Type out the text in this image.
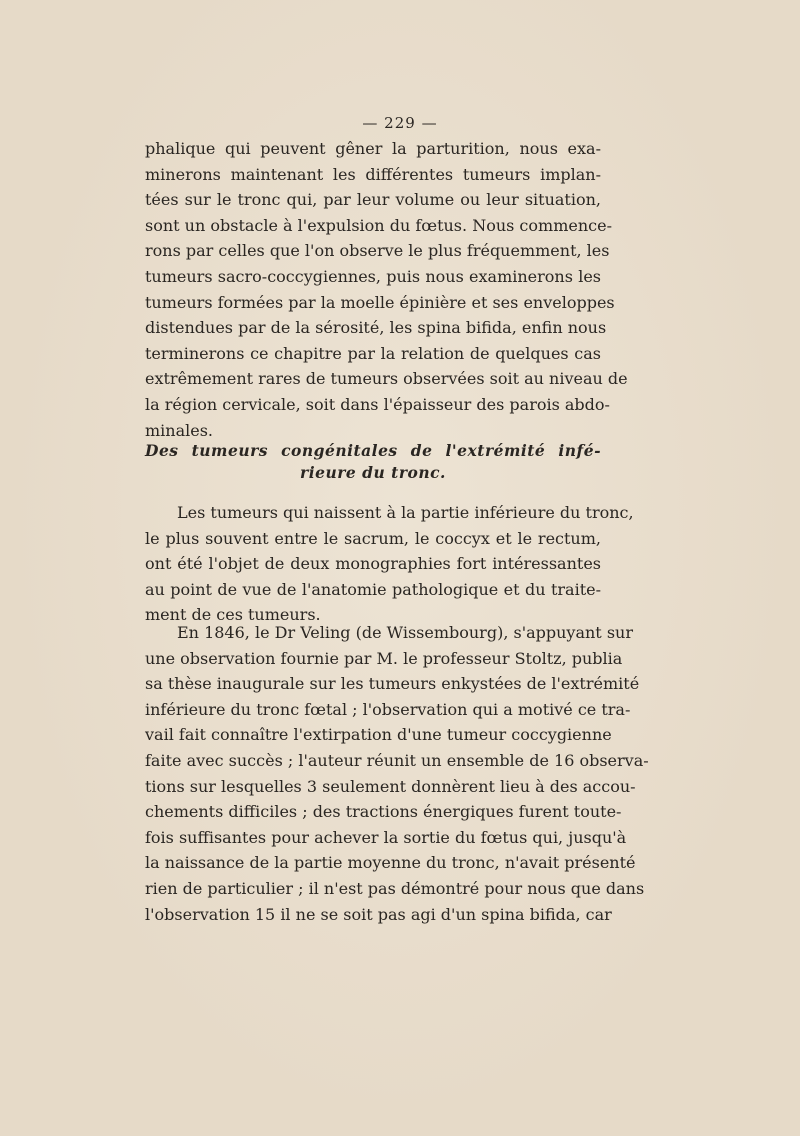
— 229 —
phalique qui peuvent gêner la parturition, nous exa-
minerons maintenant les différentes tumeurs implan-
tées sur le tronc qui, par leur volume ou leur situation,
sont un obstacle à l'expulsion du fœtus. Nous commence-
rons par celles que l'on observe le plus fréquemment, les
tumeurs sacro-coccygiennes, puis nous examinerons les
tumeurs formées par la moelle épinière et ses enveloppes
distendues par de la sérosité, les spina bifida, enfin nous
terminerons ce chapitre par la relation de quelques cas
extrêmement rares de tumeurs observées soit au niveau de
la région cervicale, soit dans l'épaisseur des parois abdo-
minales.
Des tumeurs congénitales de l'extrémité infé-
rieure du tronc.
Les tumeurs qui naissent à la partie inférieure du tronc,
le plus souvent entre le sacrum, le coccyx et le rectum,
ont été l'objet de deux monographies fort intéressantes
au point de vue de l'anatomie pathologique et du traite-
ment de ces tumeurs.
En 1846, le Dr Veling (de Wissembourg), s'appuyant sur
une observation fournie par M. le professeur Stoltz, publia
sa thèse inaugurale sur les tumeurs enkystées de l'extrémité
inférieure du tronc fœtal ; l'observation qui a motivé ce tra-
vail fait connaître l'extirpation d'une tumeur coccygienne
faite avec succès ; l'auteur réunit un ensemble de 16 observa-
tions sur lesquelles 3 seulement donnèrent lieu à des accou-
chements difficiles ; des tractions énergiques furent toute-
fois suffisantes pour achever la sortie du fœtus qui, jusqu'à
la naissance de la partie moyenne du tronc, n'avait présenté
rien de particulier ; il n'est pas démontré pour nous que dans
l'observation 15 il ne se soit pas agi d'un spina bifida, car
